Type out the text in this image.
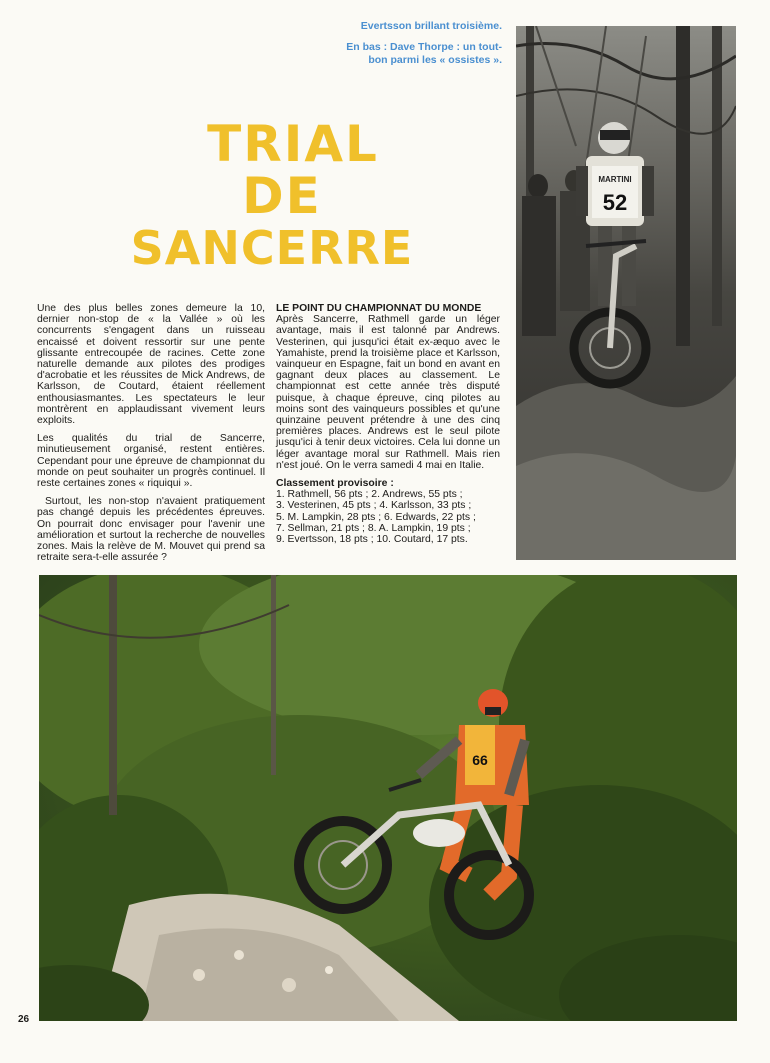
Evertsson brillant troisième.

En bas : Dave Thorpe : un tout-bon parmi les « ossistes ».

TRIAL
DE
SANCERRE

Une des plus belles zones demeure la 10, dernier non-stop de « la Vallée » où les concurrents s'engagent dans un ruisseau encaissé et doivent ressortir sur une pente glissante entrecoupée de racines. Cette zone naturelle demande aux pilotes des prodiges d'acrobatie et les réussites de Mick Andrews, de Karlsson, de Coutard, étaient réellement enthousiasmantes. Les spectateurs le leur montrèrent en applaudissant vivement leurs exploits.

Les qualités du trial de Sancerre, minutieusement organisé, restent entières. Cependant pour une épreuve de championnat du monde on peut souhaiter un progrès continuel. Il reste certaines zones « riquiqui ».

Surtout, les non-stop n'avaient pratiquement pas changé depuis les précédentes épreuves. On pourrait donc envisager pour l'avenir une amélioration et surtout la recherche de nouvelles zones. Mais la relève de M. Mouvet qui prend sa retraite sera-t-elle assurée ?

LE POINT DU CHAMPIONNAT DU MONDE

Après Sancerre, Rathmell garde un léger avantage, mais il est talonné par Andrews. Vesterinen, qui jusqu'ici était ex-æquo avec le Yamahiste, prend la troisième place et Karlsson, vainqueur en Espagne, fait un bond en avant en gagnant deux places au classement. Le championnat est cette année très disputé puisque, à chaque épreuve, cinq pilotes au moins sont des vainqueurs possibles et qu'une quinzaine peuvent prétendre à une des cinq premières places. Andrews est le seul pilote jusqu'ici à tenir deux victoires. Cela lui donne un léger avantage moral sur Rathmell. Mais rien n'est joué. On le verra samedi 4 mai en Italie.

Classement provisoire :
1. Rathmell, 56 pts ; 2. Andrews, 55 pts ;
3. Vesterinen, 45 pts ; 4. Karlsson, 33 pts ;
5. M. Lampkin, 28 pts ; 6. Edwards, 22 pts ;
7. Sellman, 21 pts ; 8. A. Lampkin, 19 pts ;
9. Evertsson, 18 pts ; 10. Coutard, 17 pts.
MARTINI
52
66
26
